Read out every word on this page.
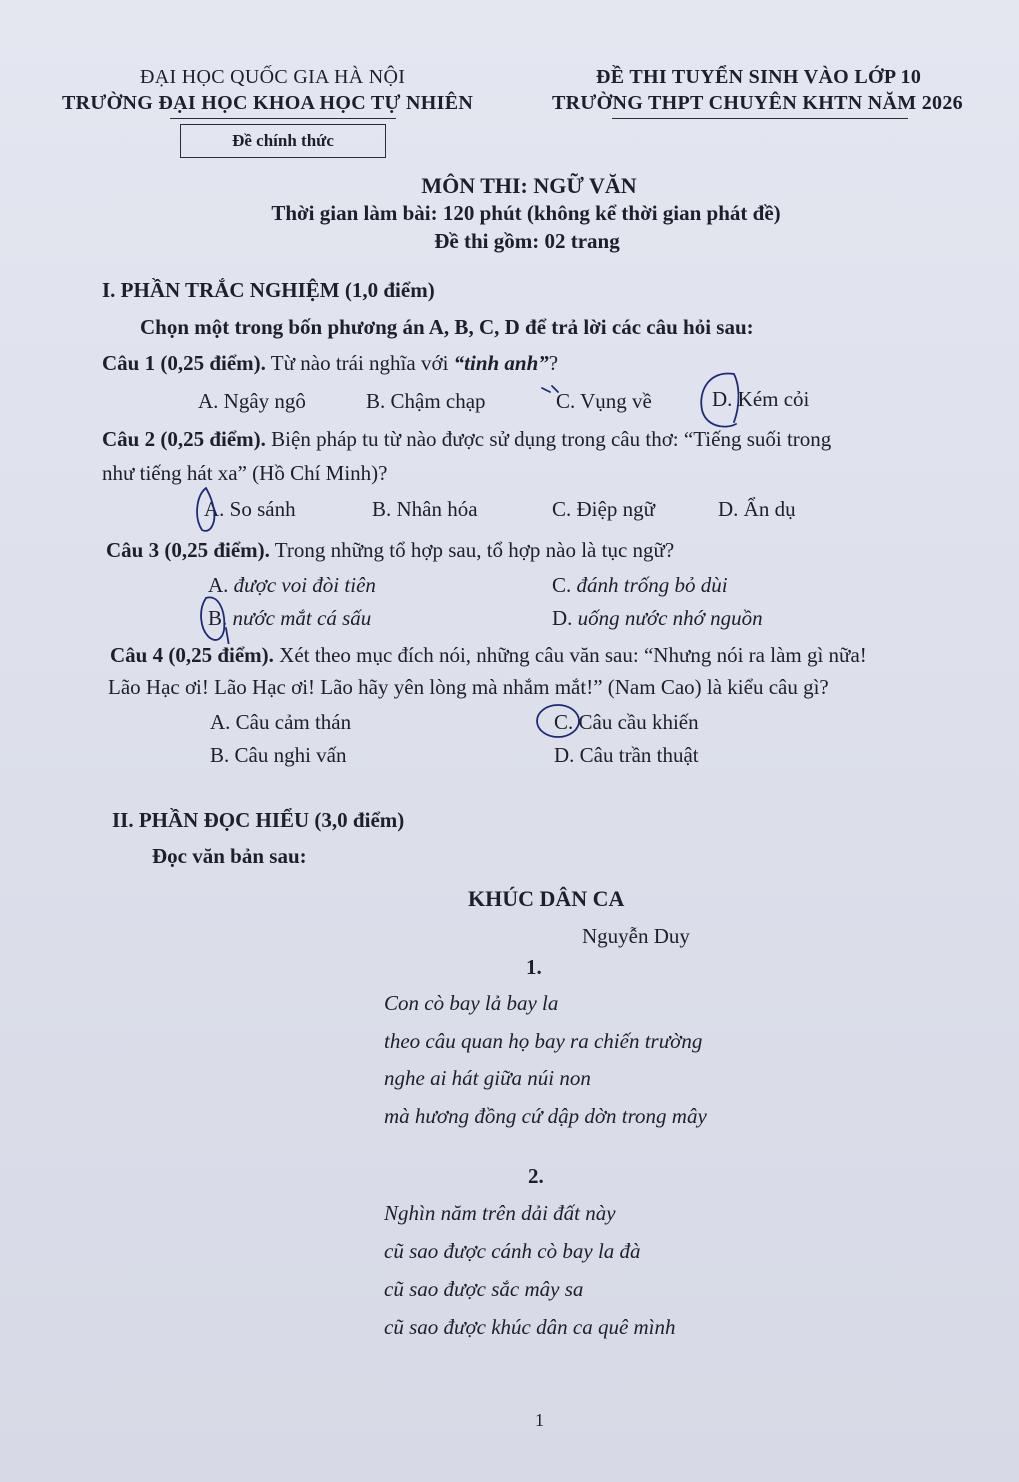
ĐẠI HỌC QUỐC GIA HÀ NỘI
TRƯỜNG ĐẠI HỌC KHOA HỌC TỰ NHIÊN
ĐỀ THI TUYỂN SINH VÀO LỚP 10
TRƯỜNG THPT CHUYÊN KHTN NĂM 2026
Đề chính thức
MÔN THI: NGỮ VĂN
Thời gian làm bài: 120 phút (không kể thời gian phát đề)
Đề thi gồm: 02 trang
I. PHẦN TRẮC NGHIỆM (1,0 điểm)
Chọn một trong bốn phương án A, B, C, D để trả lời các câu hỏi sau:
Câu 1 (0,25 điểm). Từ nào trái nghĩa với “tinh anh”?
A. Ngây ngô	B. Chậm chạp	C. Vụng về	D. Kém cỏi
Câu 2 (0,25 điểm). Biện pháp tu từ nào được sử dụng trong câu thơ: “Tiếng suối trong
như tiếng hát xa” (Hồ Chí Minh)?
A. So sánh	B. Nhân hóa	C. Điệp ngữ	D. Ẩn dụ
Câu 3 (0,25 điểm). Trong những tổ hợp sau, tổ hợp nào là tục ngữ?
A. được voi đòi tiên	C. đánh trống bỏ dùi
B. nước mắt cá sấu	D. uống nước nhớ nguồn
Câu 4 (0,25 điểm). Xét theo mục đích nói, những câu văn sau: “Nhưng nói ra làm gì nữa!
Lão Hạc ơi! Lão Hạc ơi! Lão hãy yên lòng mà nhắm mắt!” (Nam Cao) là kiểu câu gì?
A. Câu cảm thán	C. Câu cầu khiến
B. Câu nghi vấn	D. Câu trần thuật
II. PHẦN ĐỌC HIỂU (3,0 điểm)
Đọc văn bản sau:
KHÚC DÂN CA
Nguyễn Duy
1.
Con cò bay lả bay la
theo câu quan họ bay ra chiến trường
nghe ai hát giữa núi non
mà hương đồng cứ dập dờn trong mây
2.
Nghìn năm trên dải đất này
cũ sao được cánh cò bay la đà
cũ sao được sắc mây sa
cũ sao được khúc dân ca quê mình
1
